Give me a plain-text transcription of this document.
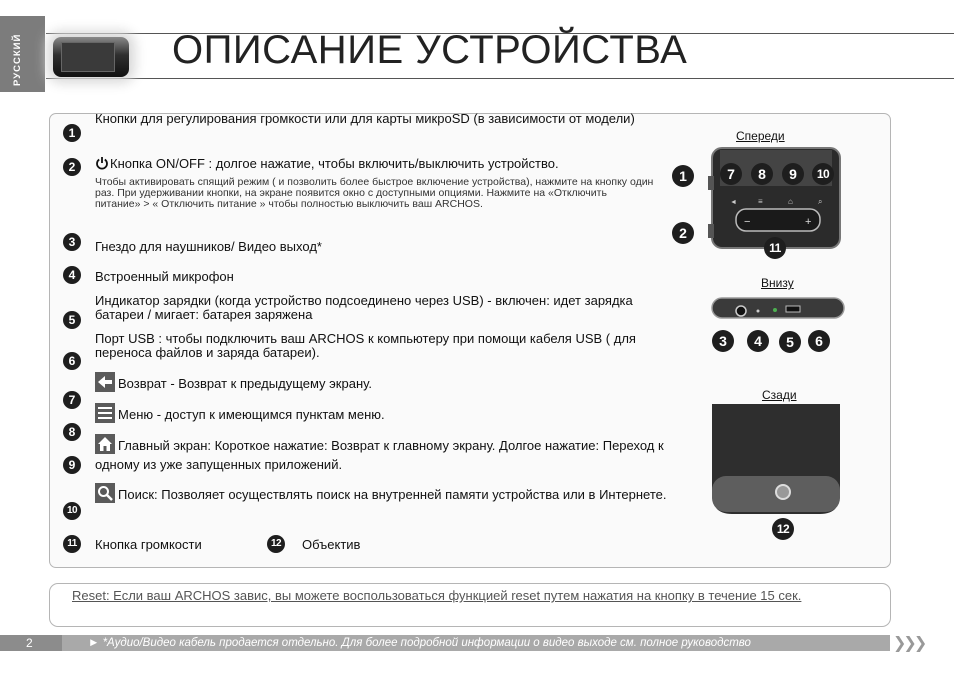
РУССКИЙ	ОПИСАНИЕ УСТРОЙСТВА
1
Кнопки для регулирования громкости или для карты микроSD (в зависимости от модели)
2	Кнопка ON/OFF : долгое нажатие, чтобы включить/выключить устройство.
Чтобы активировать спящий режим ( и позволить более быстрое включение устройства), нажмите на кнопку один раз. При удерживании кнопки, на экране появится окно с доступными опциями. Нажмите на «Отключить питание» > « Отключить питание » чтобы полностью выключить ваш ARCHOS.
3	Гнездо для наушников/ Видео выход*
4	Встроенный микрофон
5
Индикатор зарядки (когда устройство подсоединено через USB) - включен: идет зарядка батареи / мигает: батарея заряжена
6
Порт USB : чтобы подключить ваш ARCHOS к компьютеру при помощи кабеля USB ( для переноса файлов и заряда батареи).
7
Возврат - Возврат к предыдущему экрану.
8
Меню - доступ к имеющимся пунктам меню.
9
Главный экран: Короткое нажатие: Возврат к главному экрану. Долгое нажатие: Переход к одному из уже запущенных приложений.
10
Поиск: Позволяет осуществлять поиск на внутренней памяти устройства или в Интернете.
11	Кнопка громкости	12	Объектив
Спереди
Внизу
Сзади
−	+
◄	≡	⌂	⌕
1
2
7	8	9	10
11
3	4	5	6
12
Reset: Если ваш ARCHOS завис, вы можете воспользоваться функцией reset путем нажатия на кнопку в течение 15 сек.
2	► *Аудио/Видео кабель продается отдельно. Для более подробной информации о видео выходе см. полное руководство	❯❯❯
